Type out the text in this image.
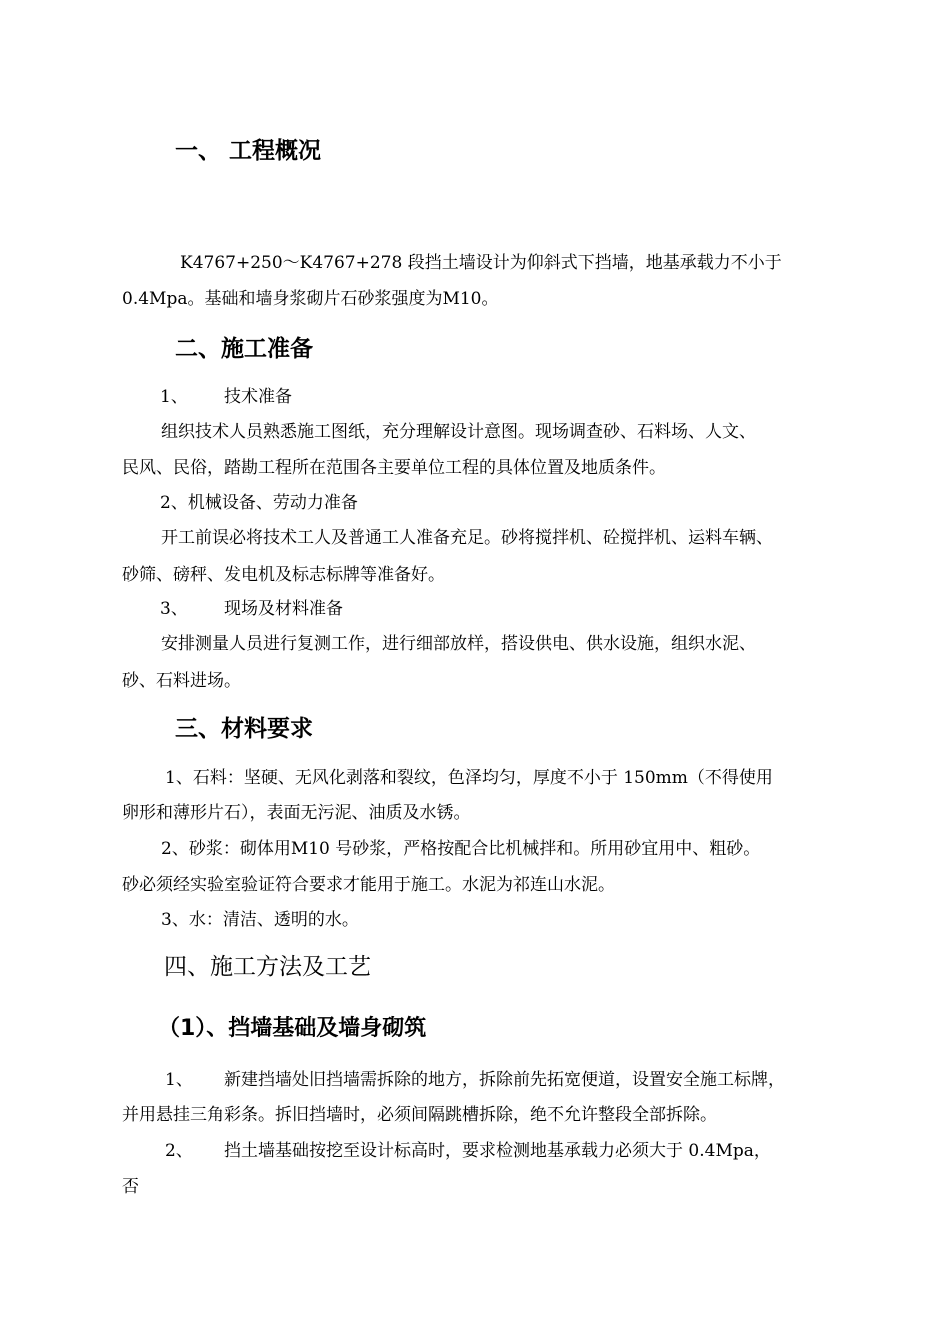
一、 工程概况
K4767+250～K4767+278 段挡土墙设计为仰斜式下挡墙，地基承载力不小于
0.4Mpa。基础和墙身浆砌片石砂浆强度为M10。
二、施工准备
1、 技术准备
组织技术人员熟悉施工图纸，充分理解设计意图。现场调查砂、石料场、人文、
民风、民俗，踏勘工程所在范围各主要单位工程的具体位置及地质条件。
2、机械设备、劳动力准备
开工前误必将技术工人及普通工人准备充足。砂将搅拌机、砼搅拌机、运料车辆、
砂筛、磅秤、发电机及标志标牌等准备好。
3、 现场及材料准备
安排测量人员进行复测工作，进行细部放样，搭设供电、供水设施，组织水泥、
砂、石料进场。
三、材料要求
1、石料：坚硬、无风化剥落和裂纹，色泽均匀，厚度不小于 150mm（不得使用
卵形和薄形片石），表面无污泥、油质及水锈。
2、砂浆：砌体用M10 号砂浆，严格按配合比机械拌和。所用砂宜用中、粗砂。
砂必须经实验室验证符合要求才能用于施工。水泥为祁连山水泥。
3、水：清洁、透明的水。
四、施工方法及工艺
（1）、挡墙基础及墙身砌筑
1、 新建挡墙处旧挡墙需拆除的地方，拆除前先拓宽便道，设置安全施工标牌，
并用悬挂三角彩条。拆旧挡墙时，必须间隔跳槽拆除，绝不允许整段全部拆除。
2、 挡土墙基础按挖至设计标高时，要求检测地基承载力必须大于 0.4Mpa，
否
